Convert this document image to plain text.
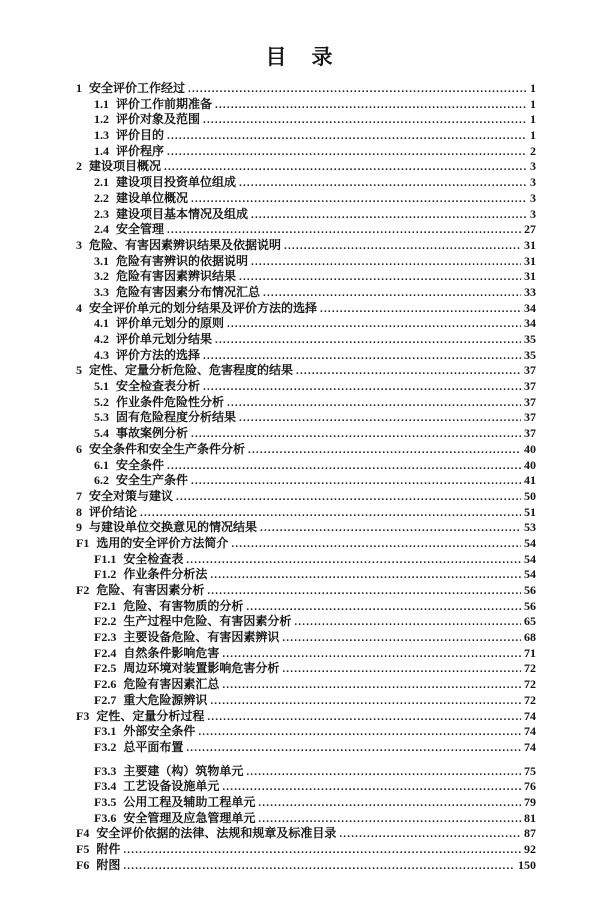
目　录
1 安全评价工作经过 .....	1
1.1 评价工作前期准备 .....	1
1.2 评价对象及范围 .....	1
1.3 评价目的 .....	1
1.4 评价程序 .....	2
2 建设项目概况 .....	3
2.1 建设项目投资单位组成 .....	3
2.2 建设单位概况 .....	3
2.3 建设项目基本情况及组成 .....	3
2.4 安全管理 .....	27
3 危险、有害因素辨识结果及依据说明 .....	31
3.1 危险有害辨识的依据说明 .....	31
3.2 危险有害因素辨识结果 .....	31
3.3 危险有害因素分布情况汇总 .....	33
4 安全评价单元的划分结果及评价方法的选择 .....	34
4.1 评价单元划分的原则 .....	34
4.2 评价单元划分结果 .....	35
4.3 评价方法的选择 .....	35
5 定性、定量分析危险、危害程度的结果 .....	37
5.1 安全检查表分析 .....	37
5.2 作业条件危险性分析 .....	37
5.3 固有危险程度分析结果 .....	37
5.4 事故案例分析 .....	37
6 安全条件和安全生产条件分析 .....	40
6.1 安全条件 .....	40
6.2 安全生产条件 .....	41
7 安全对策与建议 .....	50
8 评价结论 .....	51
9 与建设单位交换意见的情况结果 .....	53
F1 选用的安全评价方法简介 .....	54
F1.1 安全检查表 .....	54
F1.2 作业条件分析法 .....	54
F2 危险、有害因素分析 .....	56
F2.1 危险、有害物质的分析 .....	56
F2.2 生产过程中危险、有害因素分析 .....	65
F2.3 主要设备危险、有害因素辨识 .....	68
F2.4 自然条件影响危害 .....	71
F2.5 周边环境对装置影响危害分析 .....	72
F2.6 危险有害因素汇总 .....	72
F2.7 重大危险源辨识 .....	72
F3 定性、定量分析过程 .....	74
F3.1 外部安全条件 .....	74
F3.2 总平面布置 .....	74
F3.3 主要建（构）筑物单元 .....	75
F3.4 工艺设备设施单元 .....	76
F3.5 公用工程及辅助工程单元 .....	79
F3.6 安全管理及应急管理单元 .....	81
F4 安全评价依据的法律、法规和规章及标准目录 .....	87
F5 附件 .....	92
F6 附图 .....	150
